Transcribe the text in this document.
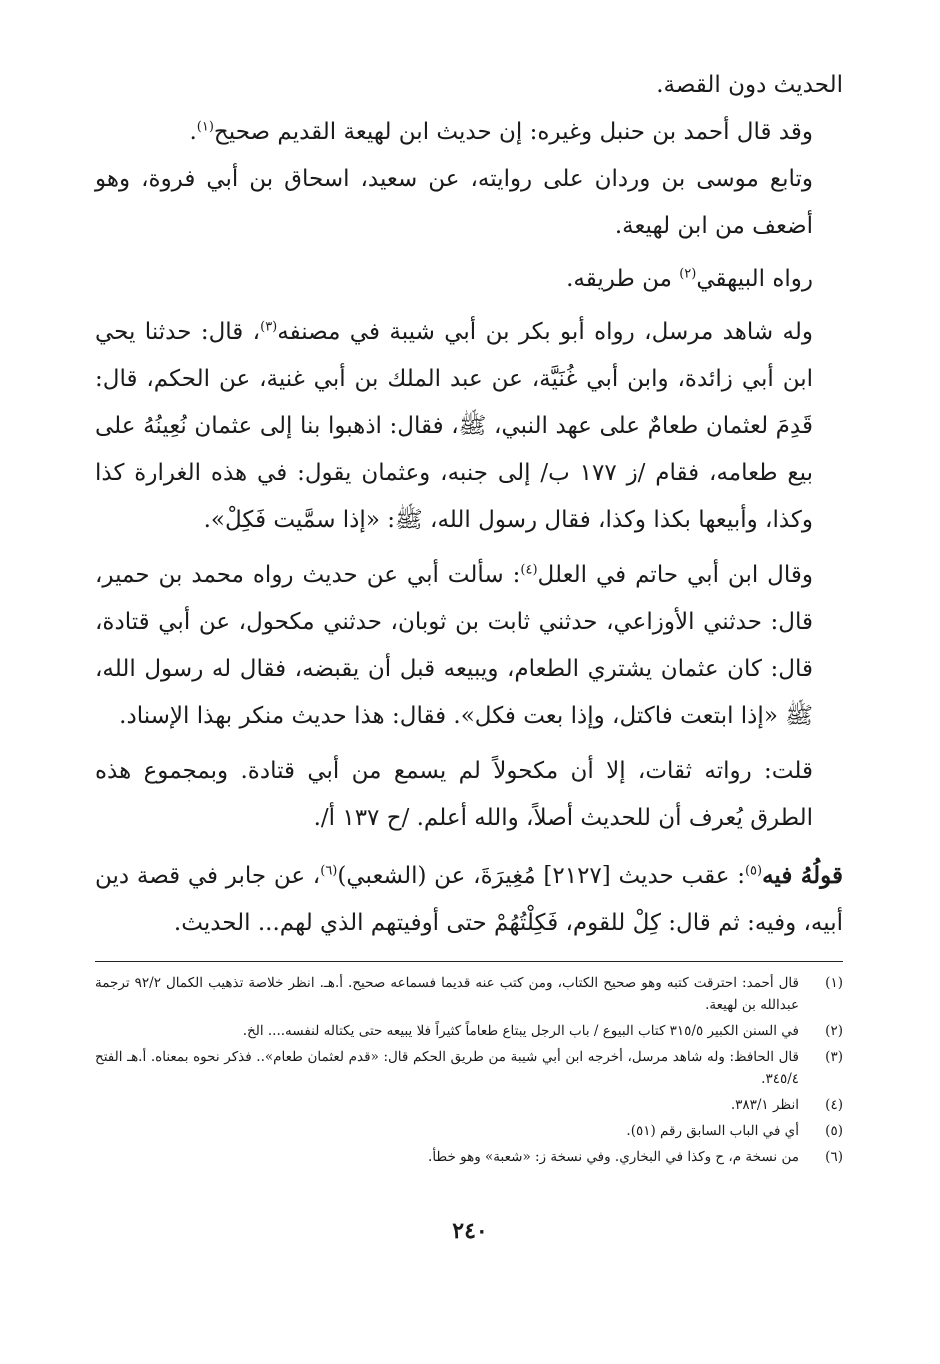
الحديث دون القصة.

وقد قال أحمد بن حنبل وغيره: إن حديث ابن لهيعة القديم صحيح$^{(١)}$.

وتابع موسى بن وردان على روايته، عن سعيد، اسحاق بن أبي فروة، وهو أضعف من ابن لهيعة.

رواه البيهقي$^{(٢)}$ من طريقه.

وله شاهد مرسل، رواه أبو بكر بن أبي شيبة في مصنفه$^{(٣)}$، قال: حدثنا يحي ابن أبي زائدة، وابن أبي غُنَيَّة، عن عبد الملك بن أبي غنية، عن الحكم، قال: قَدِمَ لعثمان طعامٌ على عهد النبي، ﷺ، فقال: اذهبوا بنا إلى عثمان نُعِينُهُ على بيع طعامه، فقام /ز ١٧٧ ب/ إلى جنبه، وعثمان يقول: في هذه الغرارة كذا وكذا، وأبيعها بكذا وكذا، فقال رسول الله، ﷺ: «إذا سمَّيت فَكِلْ».

وقال ابن أبي حاتم في العلل$^{(٤)}$: سألت أبي عن حديث رواه محمد بن حمير، قال: حدثني الأوزاعي، حدثني ثابت بن ثوبان، حدثني مكحول، عن أبي قتادة، قال: كان عثمان يشتري الطعام، ويبيعه قبل أن يقبضه، فقال له رسول الله، ﷺ «إذا ابتعت فاكتل، وإذا بعت فكل». فقال: هذا حديث منكر بهذا الإسناد.

قلت: رواته ثقات، إلا أن مكحولاً لم يسمع من أبي قتادة. وبمجموع هذه الطرق يُعرف أن للحديث أصلاً، والله أعلم. /ح ١٣٧ أ/.

قولُهُ فيه$^{(٥)}$: عقب حديث [٢١٢٧] مُغِيرَةَ، عن (الشعبي)$^{(٦)}$، عن جابر في قصة دين أبيه، وفيه: ثم قال: كِلْ للقوم، فَكِلْتُهُمْ حتى أوفيتهم الذي لهم... الحديث.

(١)
قال أحمد: احترقت كتبه وهو صحيح الكتاب، ومن كتب عنه قديما فسماعه صحيح. أ.هـ. انظر خلاصة تذهيب الكمال ٩٢/٢ ترجمة عبدالله بن لهيعة.
(٢)
في السنن الكبير ٣١٥/٥ كتاب البيوع / باب الرجل يبتاع طعاماً كثيراً فلا يبيعه حتى يكتاله لنفسه.... الخ.
(٣)
قال الحافظ: وله شاهد مرسل، أخرجه ابن أبي شيبة من طريق الحكم قال: «قدم لعثمان طعام».. فذكر نحوه بمعناه. أ.هـ الفتح ٣٤٥/٤.
(٤)
انظر ٣٨٣/١.
(٥)
أي في الباب السابق رقم (٥١).
(٦)
من نسخة م، ح وكذا في البخاري. وفي نسخة ز: «شعبة» وهو خطأ.
٢٤٠
